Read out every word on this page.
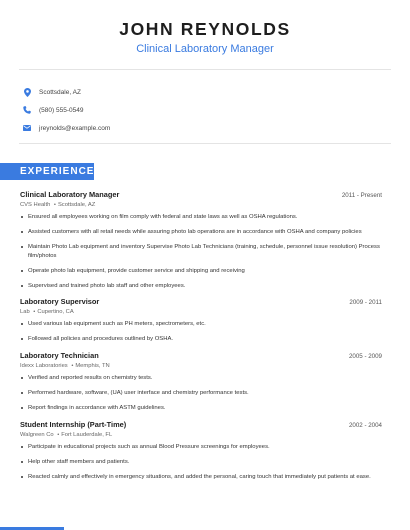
JOHN REYNOLDS
Clinical Laboratory Manager
Scottsdale, AZ
(580) 555-0549
jreynolds@example.com
EXPERIENCE
Clinical Laboratory Manager	2011 - Present
CVS Health • Scottsdale, AZ
Ensured all employees working on film comply with federal and state laws as well as OSHA regulations.
Assisted customers with all retail needs while assuring photo lab operations are in accordance with OSHA and company policies
Maintain Photo Lab equipment and inventory Supervise Photo Lab Technicians (training, schedule, personnel issue resolution) Process film/photos
Operate photo lab equipment, provide customer service and shipping and receiving
Supervised and trained photo lab staff and other employees.
Laboratory Supervisor	2009 - 2011
Lab • Cupertino, CA
Used various lab equipment such as PH meters, spectrometers, etc.
Followed all policies and procedures outlined by OSHA.
Laboratory Technician	2005 - 2009
Idexx Laboratories • Memphis, TN
Verified and reported results on chemistry tests.
Performed hardware, software, (UA) user interface and chemistry performance tests.
Report findings in accordance with ASTM guidelines.
Student Internship (Part-Time)	2002 - 2004
Walgreen Co • Fort Lauderdale, FL
Participate in educational projects such as annual Blood Pressure screenings for employees.
Help other staff members and patients.
Reacted calmly and effectively in emergency situations, and added the personal, caring touch that immediately put patients at ease.
